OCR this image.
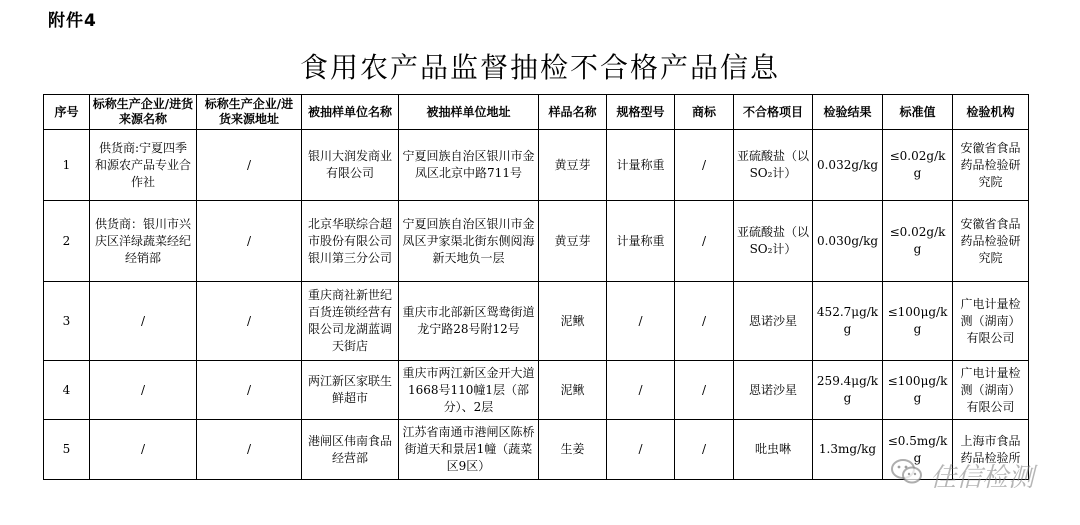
附件4
食用农产品监督抽检不合格产品信息
序号	标称生产企业/进货来源名称	标称生产企业/进货来源地址	被抽样单位名称	被抽样单位地址	样品名称	规格型号	商标	不合格项目	检验结果	标准值	检验机构
1	供货商:宁夏四季和源农产品专业合作社	/	银川大润发商业有限公司	宁夏回族自治区银川市金凤区北京中路711号	黄豆芽	计量称重	/	亚硫酸盐（以SO₂计）	0.032g/kg	≤0.02g/kg	安徽省食品药品检验研究院
2	供货商：银川市兴庆区洋绿蔬菜经纪经销部	/	北京华联综合超市股份有限公司银川第三分公司	宁夏回族自治区银川市金凤区尹家渠北街东侧阅海新天地负一层	黄豆芽	计量称重	/	亚硫酸盐（以SO₂计）	0.030g/kg	≤0.02g/kg	安徽省食品药品检验研究院
3	/	/	重庆商社新世纪百货连锁经营有限公司龙湖蓝调天街店	重庆市北部新区鸳鸯街道龙宁路28号附12号	泥鳅	/	/	恩诺沙星	452.7μg/kg	≤100μg/kg	广电计量检测（湖南）有限公司
4	/	/	两江新区家联生鲜超市	重庆市两江新区金开大道1668号110幢1层（部分）、2层	泥鳅	/	/	恩诺沙星	259.4μg/kg	≤100μg/kg	广电计量检测（湖南）有限公司
5	/	/	港闸区伟南食品经营部	江苏省南通市港闸区陈桥街道天和景居1幢（蔬菜区9区）	生姜	/	/	吡虫啉	1.3mg/kg	≤0.5mg/kg	上海市食品药品检验所
佳信检测
